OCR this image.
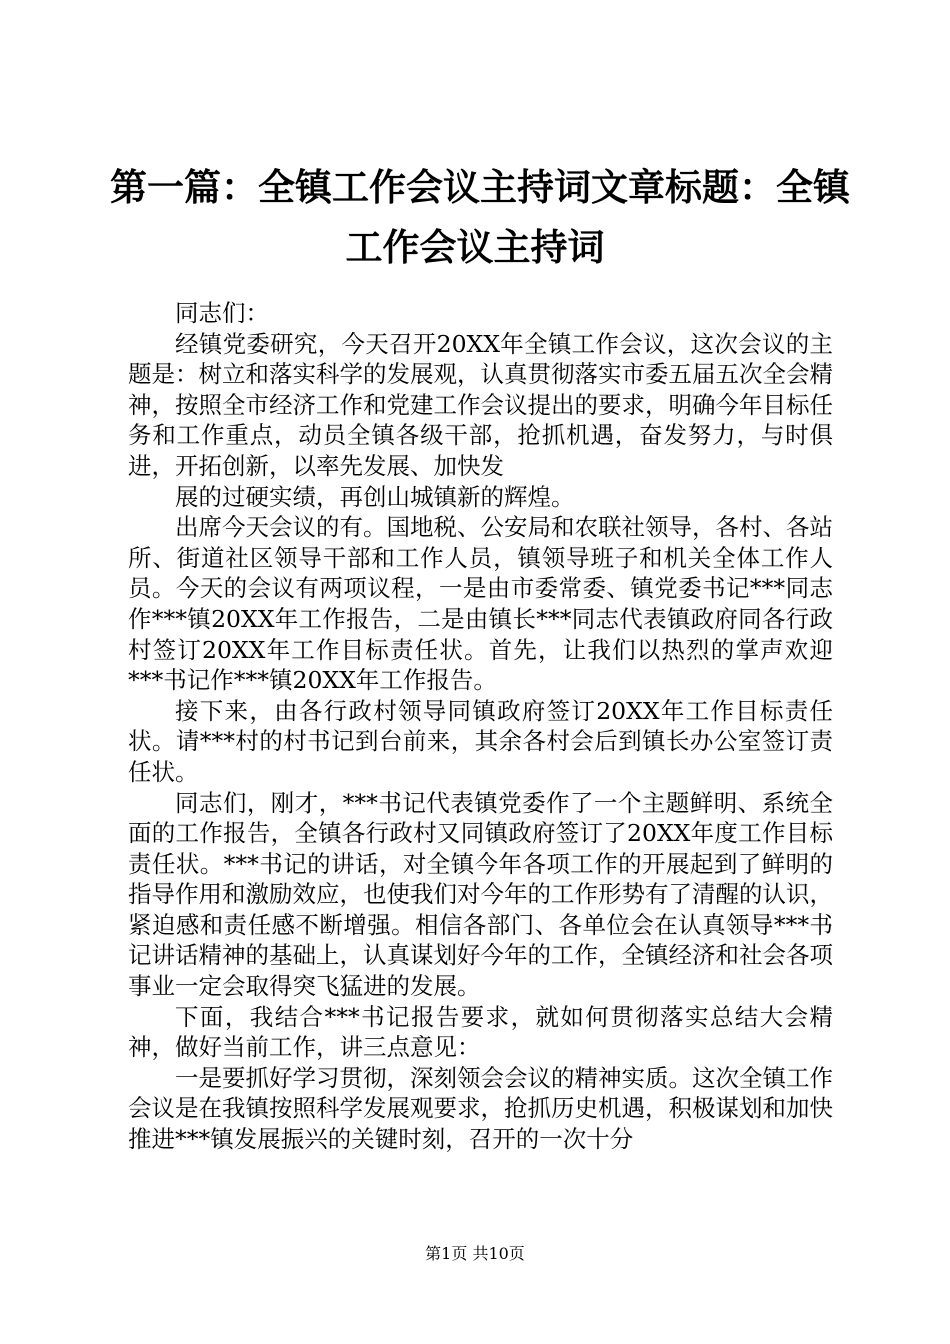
第一篇：全镇工作会议主持词文章标题：全镇
工作会议主持词

同志们：

经镇党委研究，今天召开20XX年全镇工作会议，这次会议的主题是：树立和落实科学的发展观，认真贯彻落实市委五届五次全会精神，按照全市经济工作和党建工作会议提出的要求，明确今年目标任务和工作重点，动员全镇各级干部，抢抓机遇，奋发努力，与时俱进，开拓创新，以率先发展、加快发

展的过硬实绩，再创山城镇新的辉煌。

出席今天会议的有。国地税、公安局和农联社领导，各村、各站所、街道社区领导干部和工作人员，镇领导班子和机关全体工作人员。今天的会议有两项议程，一是由市委常委、镇党委书记***同志作***镇20XX年工作报告，二是由镇长***同志代表镇政府同各行政村签订20XX年工作目标责任状。首先，让我们以热烈的掌声欢迎***书记作***镇20XX年工作报告。

接下来，由各行政村领导同镇政府签订20XX年工作目标责任状。请***村的村书记到台前来，其余各村会后到镇长办公室签订责任状。

同志们，刚才，***书记代表镇党委作了一个主题鲜明、系统全面的工作报告，全镇各行政村又同镇政府签订了20XX年度工作目标责任状。***书记的讲话，对全镇今年各项工作的开展起到了鲜明的指导作用和激励效应，也使我们对今年的工作形势有了清醒的认识，紧迫感和责任感不断增强。相信各部门、各单位会在认真领导***书记讲话精神的基础上，认真谋划好今年的工作，全镇经济和社会各项事业一定会取得突飞猛进的发展。

下面，我结合***书记报告要求，就如何贯彻落实总结大会精神，做好当前工作，讲三点意见：

一是要抓好学习贯彻，深刻领会会议的精神实质。这次全镇工作会议是在我镇按照科学发展观要求，抢抓历史机遇，积极谋划和加快推进***镇发展振兴的关键时刻，召开的一次十分

第1页 共10页
